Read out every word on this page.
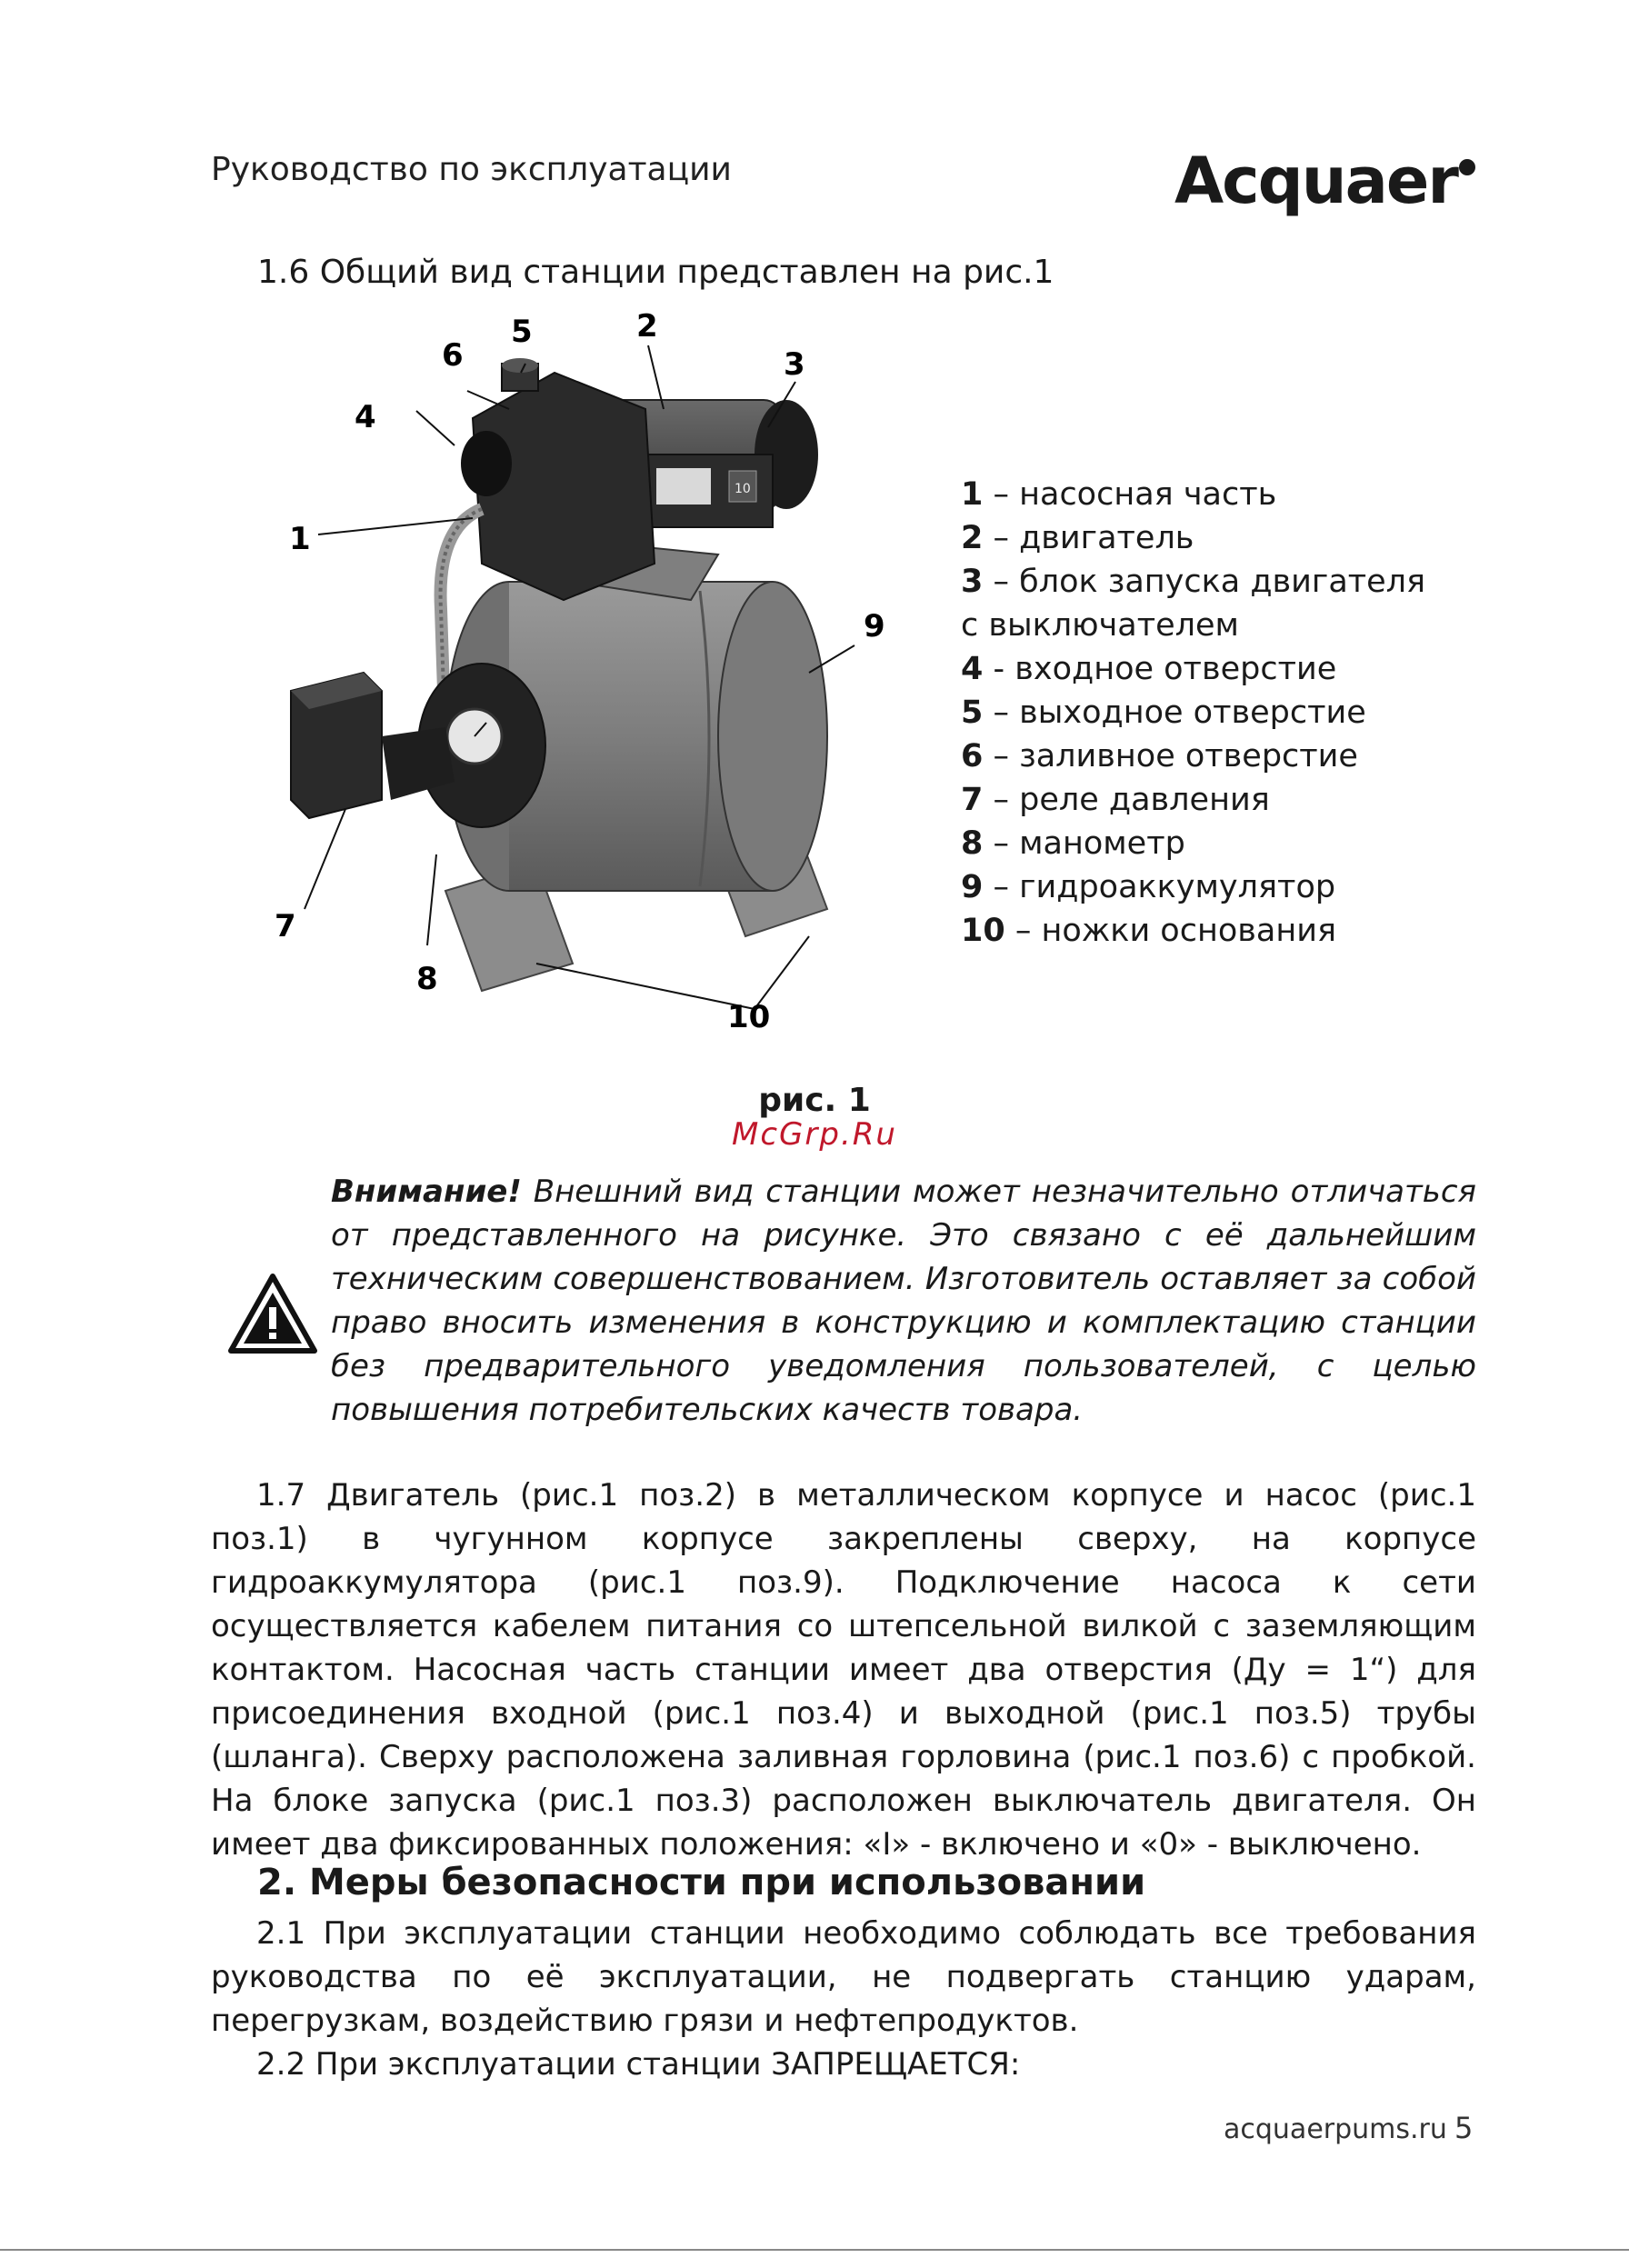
Руководство по эксплуатации	Acquaer
1.6 Общий вид станции представлен на рис.1
1
2
3
4
5
6
7
8
9
10
10	1 – насосная часть
2 – двигатель
3 – блок запуска двигателя
с выключателем
4 - входное отверстие
5 – выходное отверстие
6 – заливное отверстие
7 – реле давления
8 – манометр
9 – гидроаккумулятор
10 – ножки основания
рис. 1
McGrp.Ru
Внимание! Внешний вид станции может незначительно отличаться от представленного на рисунке. Это связано с её дальнейшим техническим совершенствованием. Изготовитель оставляет за собой право вносить изменения в конструкцию и комплектацию станции без предварительного уведомления пользователей, с целью повышения потребительских качеств товара.
1.7 Двигатель (рис.1 поз.2) в металлическом корпусе и насос (рис.1 поз.1) в чугунном корпусе закреплены сверху, на корпусе гидроаккумулятора (рис.1 поз.9). Подключение насоса к сети осуществляется кабелем питания со штепсельной вилкой с заземляющим контактом. Насосная часть станции имеет два отверстия (Ду = 1“) для присоединения входной (рис.1 поз.4) и выходной (рис.1 поз.5) трубы (шланга). Сверху расположена заливная горловина (рис.1 поз.6) с пробкой. На блоке запуска (рис.1 поз.3) расположен выключатель двигателя. Он имеет два фиксированных положения: «I» - включено и «0» - выключено.
2. Меры безопасности при использовании
2.1 При эксплуатации станции необходимо соблюдать все требования руководства по её эксплуатации, не подвергать станцию ударам, перегрузкам, воздействию грязи и нефтепродуктов.
2.2 При эксплуатации станции ЗАПРЕЩАЕТСЯ:
acquaerpums.ru 5
